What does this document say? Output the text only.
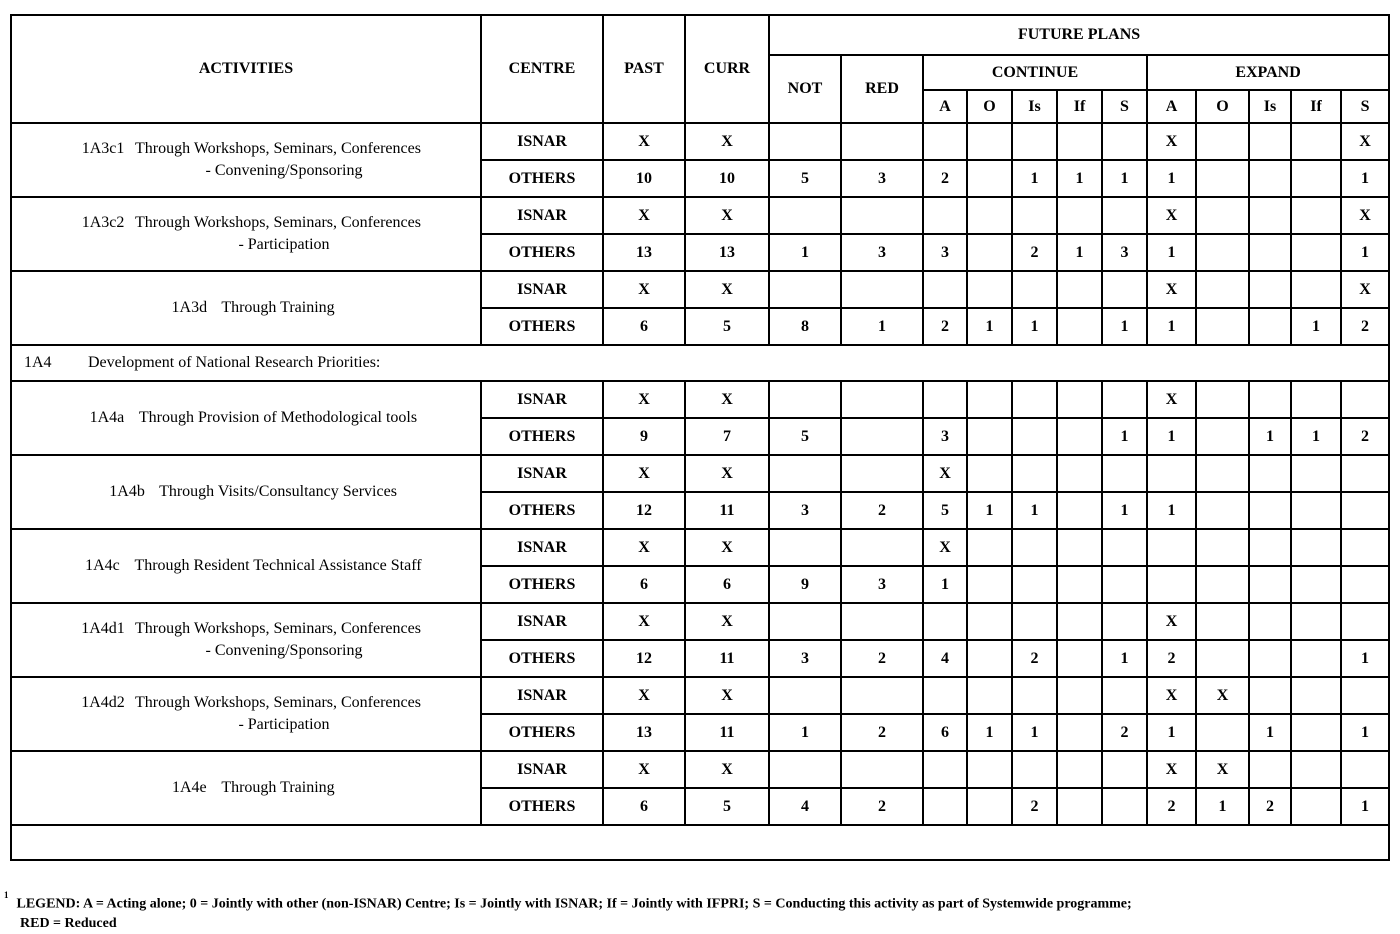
ACTIVITIES	CENTRE	PAST	CURR	FUTURE PLANS											
				NOT	RED	CONTINUE					EXPAND				
						A	O	Is	If	S	A	O	Is	If	S
1A3c1 Through Workshops, Seminars, Conferences
- Convening/Sponsoring	ISNAR	X	X								X				X
	OTHERS	10	10	5	3	2		1	1	1	1				1
1A3c2 Through Workshops, Seminars, Conferences
- Participation	ISNAR	X	X								X				X
	OTHERS	13	13	1	3	3		2	1	3	1				1
1A3d Through Training	ISNAR	X	X								X				X
	OTHERS	6	5	8	1	2	1	1		1	1			1	2
1A4 Development of National Research Priorities:															
1A4a Through Provision of Methodological tools	ISNAR	X	X								X				
	OTHERS	9	7	5		3				1	1		1	1	2
1A4b Through Visits/Consultancy Services	ISNAR	X	X			X									
	OTHERS	12	11	3	2	5	1	1		1	1				
1A4c Through Resident Technical Assistance Staff	ISNAR	X	X			X									
	OTHERS	6	6	9	3	1									
1A4d1 Through Workshops, Seminars, Conferences
- Convening/Sponsoring	ISNAR	X	X								X				
	OTHERS	12	11	3	2	4		2		1	2				1
1A4d2 Through Workshops, Seminars, Conferences
- Participation	ISNAR	X	X								X	X			
	OTHERS	13	11	1	2	6	1	1		2	1		1		1
1A4e Through Training	ISNAR	X	X								X	X			
	OTHERS	6	5	4	2			2			2	1	2		1

$^1$LEGEND: A = Acting alone; 0 = Jointly with other (non-ISNAR) Centre; Is = Jointly with ISNAR; If = Jointly with IFPRI; S = Conducting this activity as part of Systemwide programme;
RED = Reduced
